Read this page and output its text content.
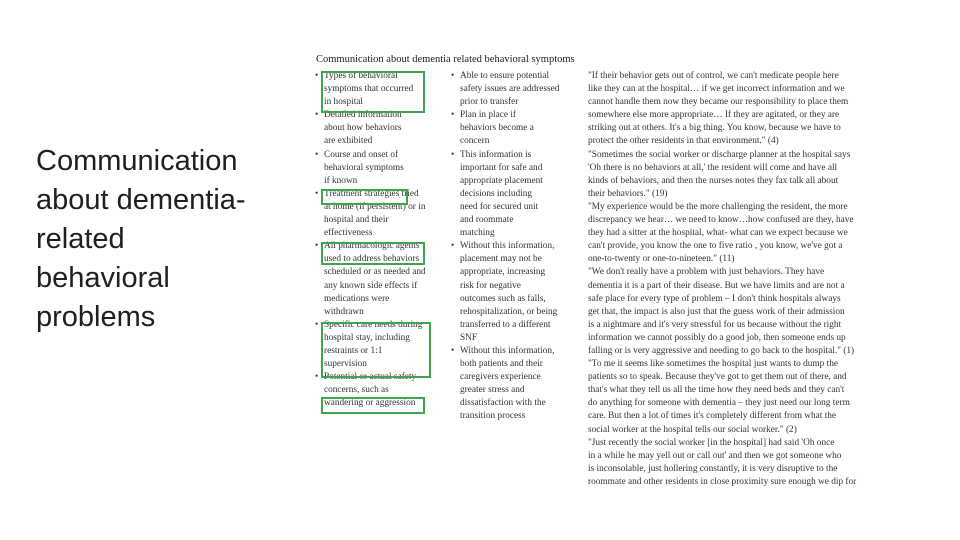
Communication
about dementia-
related
behavioral
problems
Communication about dementia related behavioral symptoms
• Types of behavioral
symptoms that occurred
in hospital
• Detailed information
about how behaviors
are exhibited
• Course and onset of
behavioral symptoms
if known
• Treatment strategies tried
at home (if persistent) or in
hospital and their
effectiveness
• All pharmacologic agents
used to address behaviors
scheduled or as needed and
any known side effects if
medications were
withdrawn
• Specific care needs during
hospital stay, including
restraints or 1:1
supervision
• Potential or actual safety
concerns, such as
wandering or aggression
• Able to ensure potential
safety issues are addressed
prior to transfer
• Plan in place if
behaviors become a
concern
• This information is
important for safe and
appropriate placement
decisions including
need for secured unit
and roommate
matching
• Without this information,
placement may not be
appropriate, increasing
risk for negative
outcomes such as falls,
rehospitalization, or being
transferred to a different
SNF
• Without this information,
both patients and their
caregivers experience
greater stress and
dissatisfaction with the
transition process
"If their behavior gets out of control, we can't medicate people here
like they can at the hospital… if we get incorrect information and we
cannot handle them now they became our responsibility to place them
somewhere else more appropriate… If they are agitated, or they are
striking out at others. It's a big thing. You know, because we have to
protect the other residents in that environment." (4)
"Sometimes the social worker or discharge planner at the hospital says
'Oh there is no behaviors at all,' the resident will come and have all
kinds of behaviors, and then the nurses notes they fax talk all about
their behaviors." (19)
"My experience would be the more challenging the resident, the more
discrepancy we hear… we need to know…how confused are they, have
they had a sitter at the hospital, what- what can we expect because we
can't provide, you know the one to five ratio , you know, we've got a
one-to-twenty or one-to-nineteen." (11)
"We don't really have a problem with just behaviors. They have
dementia it is a part of their disease. But we have limits and are not a
safe place for every type of problem – I don't think hospitals always
get that, the impact is also just that the guess work of their admission
is a nightmare and it's very stressful for us because without the right
information we cannot possibly do a good job, then someone ends up
falling or is very aggressive and needing to go back to the hospital." (1)
"To me it seems like sometimes the hospital just wants to dump the
patients so to speak. Because they've got to get them out of there, and
that's what they tell us all the time how they need beds and they can't
do anything for someone with dementia – they just need our long term
care. But then a lot of times it's completely different from what the
social worker at the hospital tells our social worker." (2)
"Just recently the social worker [in the hospital] had said 'Oh once
in a while he may yell out or call out' and then we got someone who
is inconsolable, just hollering constantly, it is very disruptive to the
roommate and other residents in close proximity sure enough we dip for
